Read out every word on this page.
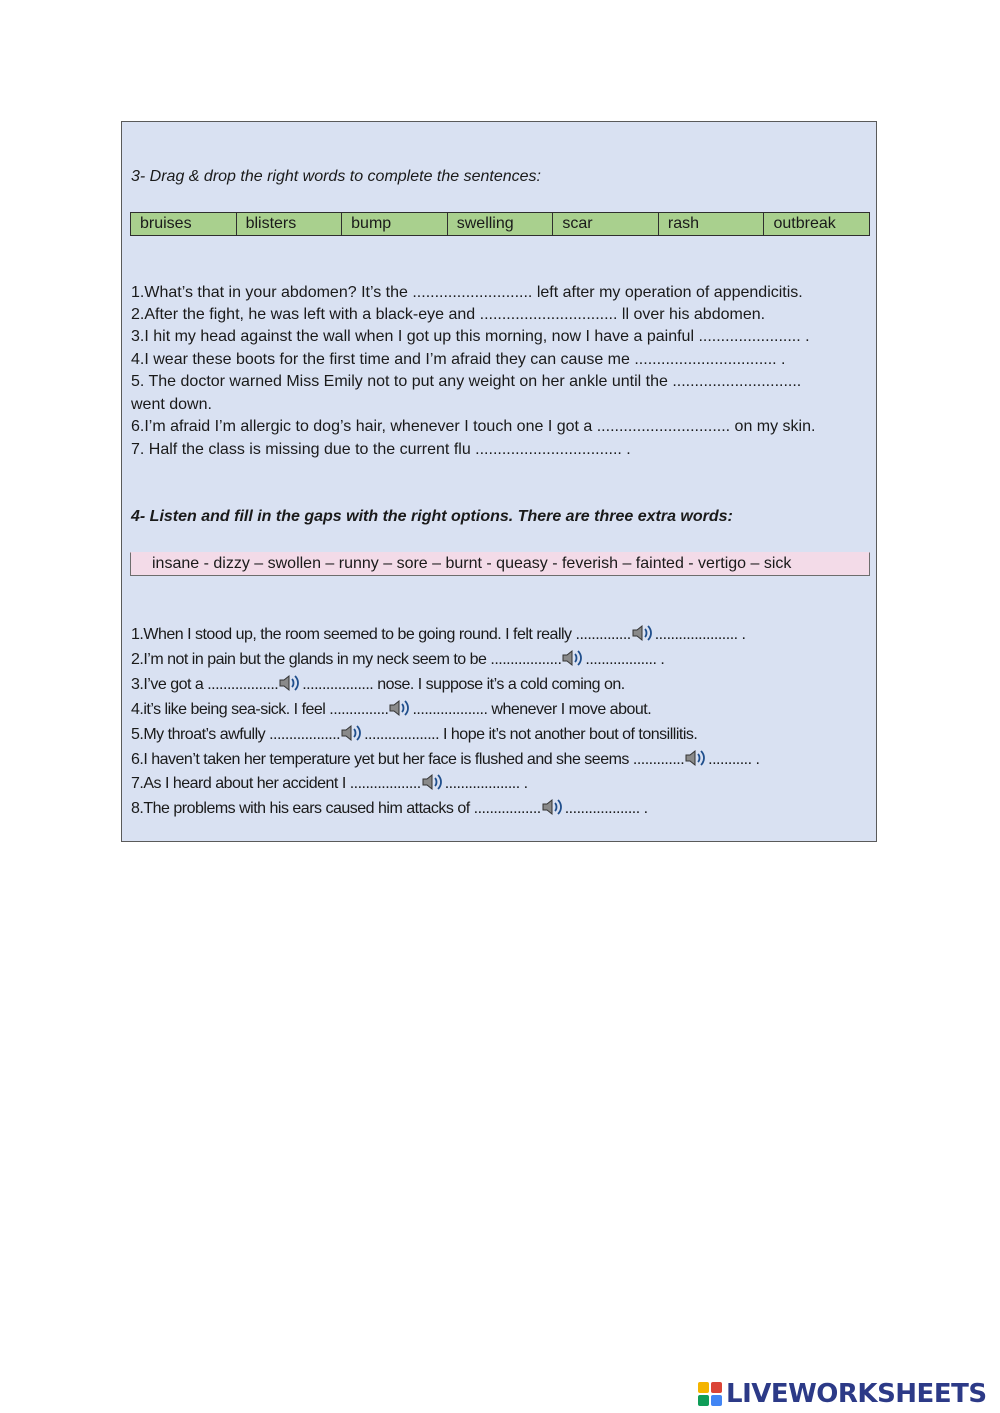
3- Drag & drop the right words to complete the sentences:
bruises	blisters	bump	swelling	scar	rash	outbreak
1.What’s that in your abdomen? It’s the ........................... left after my operation of appendicitis.
2.After the fight, he was left with a black-eye and ............................... ll over his abdomen.
3.I hit my head against the wall when I got up this morning, now I have a painful ....................... .
4.I wear these boots for the first time and I’m afraid they can cause me ................................ .
5. The doctor warned Miss Emily not to put any weight on her ankle until the .............................
went down.
6.I’m afraid I’m allergic to dog’s hair, whenever I touch one I got a .............................. on my skin.
7. Half the class is missing due to the current flu ................................. .
4- Listen and fill in the gaps with the right options. There are three extra words:
insane - dizzy – swollen – runny – sore – burnt - queasy - feverish – fainted - vertigo – sick
1.When I stood up, the room seemed to be going round. I felt really .............. ..................... .
2.I’m not in pain but the glands in my neck seem to be .................. .................. .
3.I’ve got a .................. .................. nose. I suppose it’s a cold coming on.
4.it’s like being sea-sick. I feel ............... ................... whenever I move about.
5.My throat’s awfully .................. ................... I hope it’s not another bout of tonsillitis.
6.I haven’t taken her temperature yet but her face is flushed and she seems ............. ........... .
7.As I heard about her accident I .................. ................... .
8.The problems with his ears caused him attacks of ................. ................... .
LIVEWORKSHEETS
